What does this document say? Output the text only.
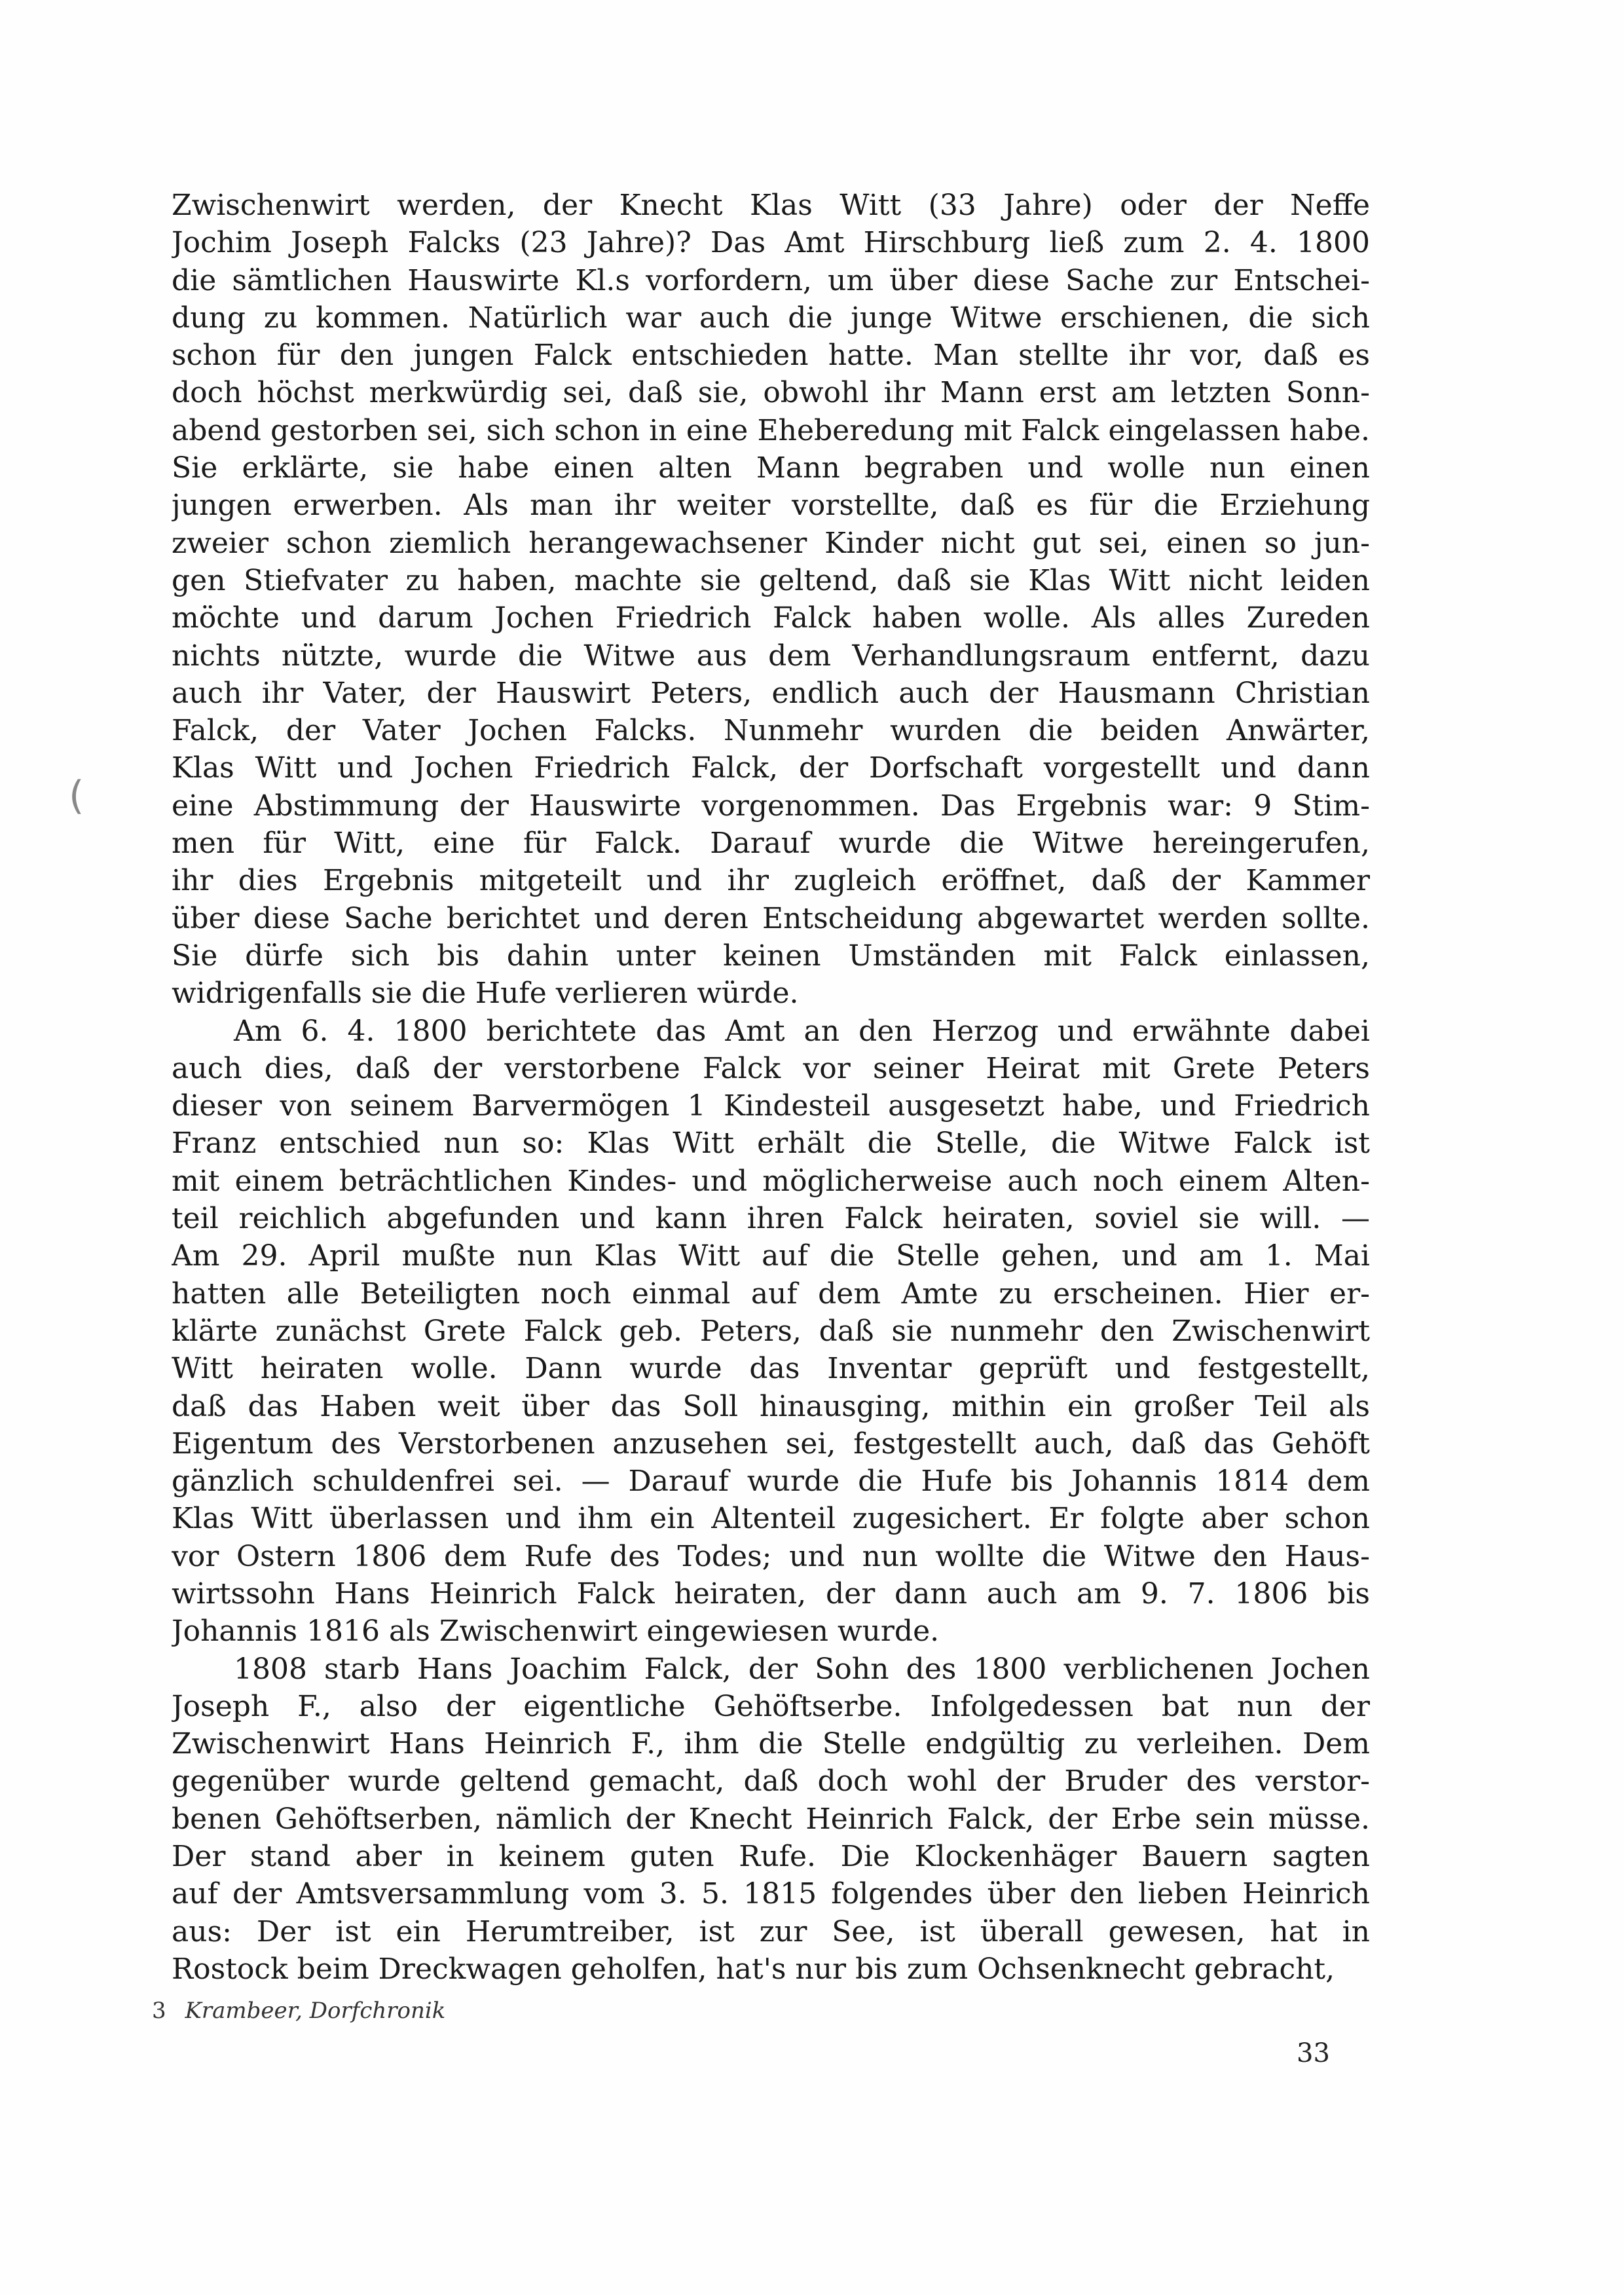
(
Zwischenwirt werden, der Knecht Klas Witt (33 Jahre) oder der Neffe
Jochim Joseph Falcks (23 Jahre)? Das Amt Hirschburg ließ zum 2. 4. 1800
die sämtlichen Hauswirte Kl.s vorfordern, um über diese Sache zur Entschei-
dung zu kommen. Natürlich war auch die junge Witwe erschienen, die sich
schon für den jungen Falck entschieden hatte. Man stellte ihr vor, daß es
doch höchst merkwürdig sei, daß sie, obwohl ihr Mann erst am letzten Sonn-
abend gestorben sei, sich schon in eine Eheberedung mit Falck eingelassen habe.
Sie erklärte, sie habe einen alten Mann begraben und wolle nun einen
jungen erwerben. Als man ihr weiter vorstellte, daß es für die Erziehung
zweier schon ziemlich herangewachsener Kinder nicht gut sei, einen so jun-
gen Stiefvater zu haben, machte sie geltend, daß sie Klas Witt nicht leiden
möchte und darum Jochen Friedrich Falck haben wolle. Als alles Zureden
nichts nützte, wurde die Witwe aus dem Verhandlungsraum entfernt, dazu
auch ihr Vater, der Hauswirt Peters, endlich auch der Hausmann Christian
Falck, der Vater Jochen Falcks. Nunmehr wurden die beiden Anwärter,
Klas Witt und Jochen Friedrich Falck, der Dorfschaft vorgestellt und dann
eine Abstimmung der Hauswirte vorgenommen. Das Ergebnis war: 9 Stim-
men für Witt, eine für Falck. Darauf wurde die Witwe hereingerufen,
ihr dies Ergebnis mitgeteilt und ihr zugleich eröffnet, daß der Kammer
über diese Sache berichtet und deren Entscheidung abgewartet werden sollte.
Sie dürfe sich bis dahin unter keinen Umständen mit Falck einlassen,
widrigenfalls sie die Hufe verlieren würde.
Am 6. 4. 1800 berichtete das Amt an den Herzog und erwähnte dabei
auch dies, daß der verstorbene Falck vor seiner Heirat mit Grete Peters
dieser von seinem Barvermögen 1 Kindesteil ausgesetzt habe, und Friedrich
Franz entschied nun so: Klas Witt erhält die Stelle, die Witwe Falck ist
mit einem beträchtlichen Kindes- und möglicherweise auch noch einem Alten-
teil reichlich abgefunden und kann ihren Falck heiraten, soviel sie will. —
Am 29. April mußte nun Klas Witt auf die Stelle gehen, und am 1. Mai
hatten alle Beteiligten noch einmal auf dem Amte zu erscheinen. Hier er-
klärte zunächst Grete Falck geb. Peters, daß sie nunmehr den Zwischenwirt
Witt heiraten wolle. Dann wurde das Inventar geprüft und festgestellt,
daß das Haben weit über das Soll hinausging, mithin ein großer Teil als
Eigentum des Verstorbenen anzusehen sei, festgestellt auch, daß das Gehöft
gänzlich schuldenfrei sei. — Darauf wurde die Hufe bis Johannis 1814 dem
Klas Witt überlassen und ihm ein Altenteil zugesichert. Er folgte aber schon
vor Ostern 1806 dem Rufe des Todes; und nun wollte die Witwe den Haus-
wirtssohn Hans Heinrich Falck heiraten, der dann auch am 9. 7. 1806 bis
Johannis 1816 als Zwischenwirt eingewiesen wurde.
1808 starb Hans Joachim Falck, der Sohn des 1800 verblichenen Jochen
Joseph F., also der eigentliche Gehöftserbe. Infolgedessen bat nun der
Zwischenwirt Hans Heinrich F., ihm die Stelle endgültig zu verleihen. Dem
gegenüber wurde geltend gemacht, daß doch wohl der Bruder des verstor-
benen Gehöftserben, nämlich der Knecht Heinrich Falck, der Erbe sein müsse.
Der stand aber in keinem guten Rufe. Die Klockenhäger Bauern sagten
auf der Amtsversammlung vom 3. 5. 1815 folgendes über den lieben Heinrich
aus: Der ist ein Herumtreiber, ist zur See, ist überall gewesen, hat in
Rostock beim Dreckwagen geholfen, hat's nur bis zum Ochsenknecht gebracht,
3 Krambeer, Dorfchronik
33
